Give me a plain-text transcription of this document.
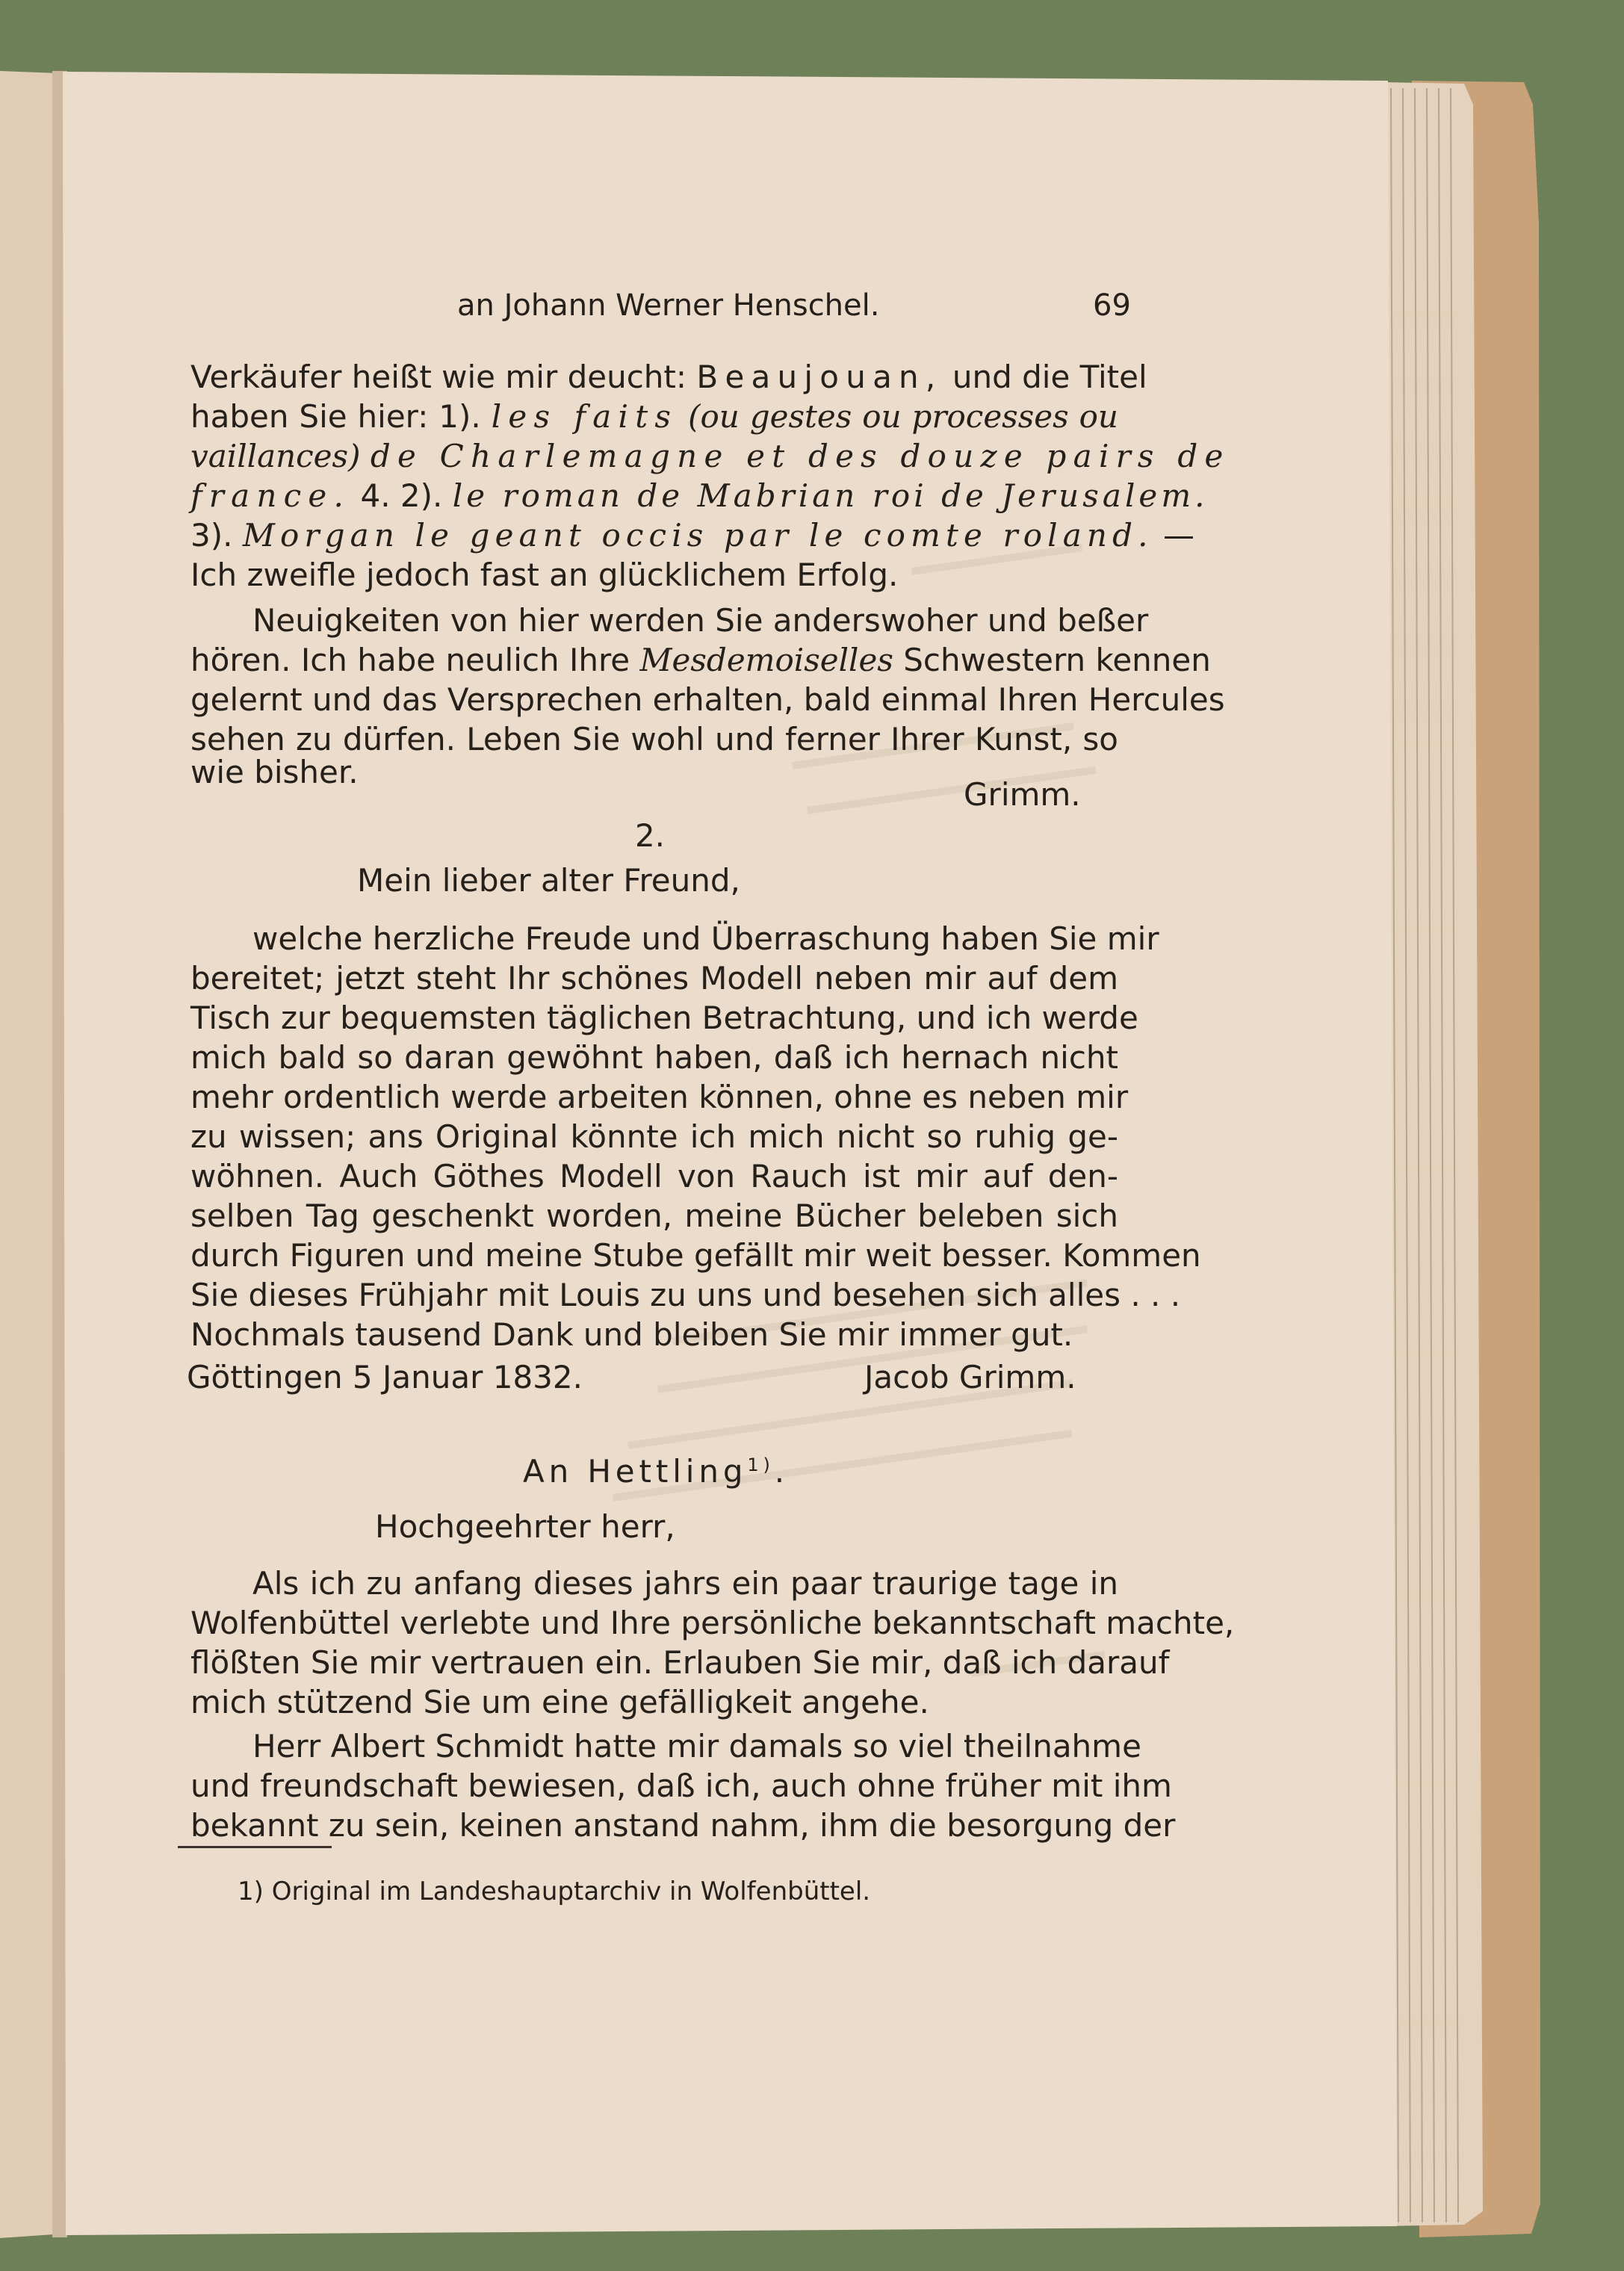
an Johann Werner Henschel.	69
Verkäufer heißt wie mir deucht: Beaujouan, und die Titel
haben Sie hier: 1). les faits (ou gestes ou processes ou
vaillances) de Charlemagne et des douze pairs de
france. 4. 2). le roman de Mabrian roi de Jerusalem.
3). Morgan le geant occis par le comte roland. —
Ich zweifle jedoch fast an glücklichem Erfolg.
Neuigkeiten von hier werden Sie anderswoher und beßer
hören. Ich habe neulich Ihre Mesdemoiselles Schwestern kennen
gelernt und das Versprechen erhalten, bald einmal Ihren Hercules
sehen zu dürfen. Leben Sie wohl und ferner Ihrer Kunst, so
wie bisher.
Grimm.
2.
Mein lieber alter Freund,
welche herzliche Freude und Überraschung haben Sie mir
bereitet; jetzt steht Ihr schönes Modell neben mir auf dem
Tisch zur bequemsten täglichen Betrachtung, und ich werde
mich bald so daran gewöhnt haben, daß ich hernach nicht
mehr ordentlich werde arbeiten können, ohne es neben mir
zu wissen; ans Original könnte ich mich nicht so ruhig ge-
wöhnen. Auch Göthes Modell von Rauch ist mir auf den-
selben Tag geschenkt worden, meine Bücher beleben sich
durch Figuren und meine Stube gefällt mir weit besser. Kommen
Sie dieses Frühjahr mit Louis zu uns und besehen sich alles . . .
Nochmals tausend Dank und bleiben Sie mir immer gut.
Göttingen 5 Januar 1832.	Jacob Grimm.
An Hettling$^{1)}$.
Hochgeehrter herr,
Als ich zu anfang dieses jahrs ein paar traurige tage in
Wolfenbüttel verlebte und Ihre persönliche bekanntschaft machte,
flößten Sie mir vertrauen ein. Erlauben Sie mir, daß ich darauf
mich stützend Sie um eine gefälligkeit angehe.
Herr Albert Schmidt hatte mir damals so viel theilnahme
und freundschaft bewiesen, daß ich, auch ohne früher mit ihm
bekannt zu sein, keinen anstand nahm, ihm die besorgung der
1) Original im Landeshauptarchiv in Wolfenbüttel.
